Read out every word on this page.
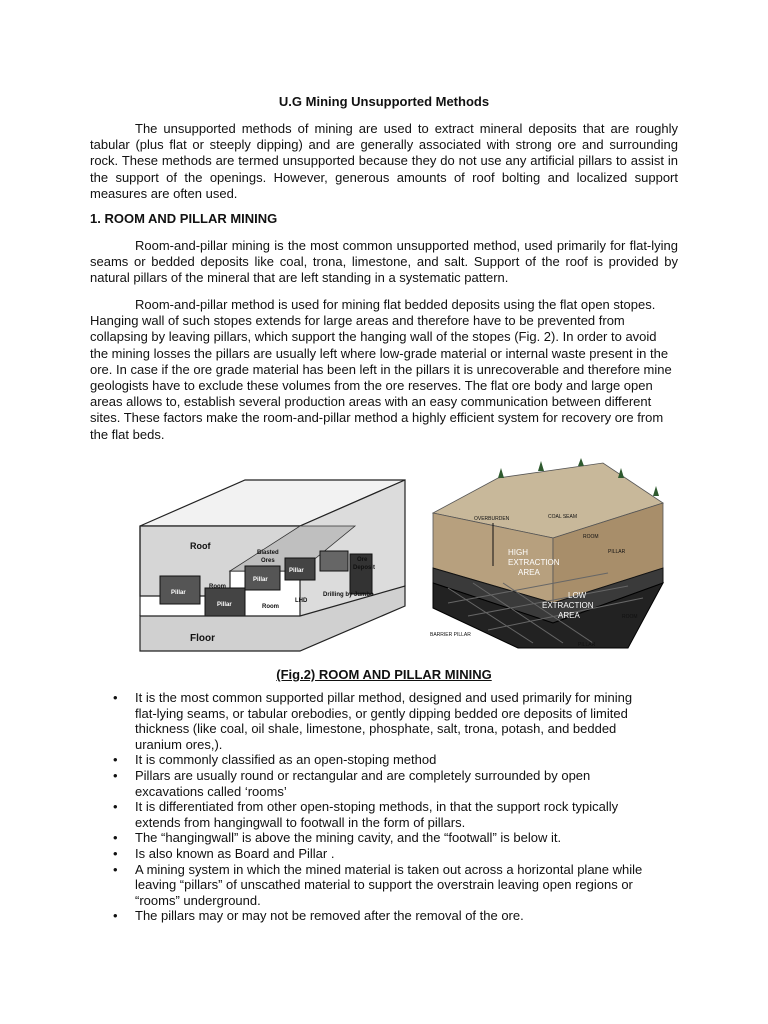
U.G Mining Unsupported Methods

The unsupported methods of mining are used to extract mineral deposits that are roughly tabular (plus flat or steeply dipping) and are generally associated with strong ore and surrounding rock. These methods are termed unsupported because they do not use any artificial pillars to assist in the support of the openings. However, generous amounts of roof bolting and localized support measures are often used.

1. ROOM AND PILLAR MINING

Room-and-pillar mining is the most common unsupported method, used primarily for flat-lying seams or bedded deposits like coal, trona, limestone, and salt. Support of the roof is provided by natural pillars of the mineral that are left standing in a systematic pattern.

Room-and-pillar method is used for mining flat bedded deposits using the flat open stopes. Hanging wall of such stopes extends for large areas and therefore have to be prevented from collapsing by leaving pillars, which support the hanging wall of the stopes (Fig. 2). In order to avoid the mining losses the pillars are usually left where low-grade material or internal waste present in the ore. In case if the ore grade material has been left in the pillars it is unrecoverable and therefore mine geologists have to exclude these volumes from the ore reserves. The flat ore body and large open areas allows to, establish several production areas with an easy communication between different sites. These factors make the room-and-pillar method a highly efficient system for recovery ore from the flat beds.

Roof
Floor
Blasted
Ores	Ore
Deposit
Pillar
Pillar
Pillar
Pillar
Room
Room
LHD
Drilling by Jumbo
OVERBURDEN	COAL SEAM
ROOM
PILLAR
HIGH
EXTRACTION
AREA
LOW
EXTRACTION
AREA
BARRIER PILLAR
ROOM
PILLAR
(Fig.2) ROOM AND PILLAR MINING
• It is the most common supported pillar method, designed and used primarily for mining
flat-lying seams, or tabular orebodies, or gently dipping bedded ore deposits of limited
thickness (like coal, oil shale, limestone, phosphate, salt, trona, potash, and bedded
uranium ores,).
• It is commonly classified as an open-stoping method
• Pillars are usually round or rectangular and are completely surrounded by open
excavations called ‘rooms’
• It is differentiated from other open-stoping methods, in that the support rock typically
extends from hangingwall to footwall in the form of pillars.
• The “hangingwall” is above the mining cavity, and the “footwall” is below it.
• Is also known as Board and Pillar .
• A mining system in which the mined material is taken out across a horizontal plane while
leaving “pillars” of unscathed material to support the overstrain leaving open regions or
“rooms” underground.
• The pillars may or may not be removed after the removal of the ore.
